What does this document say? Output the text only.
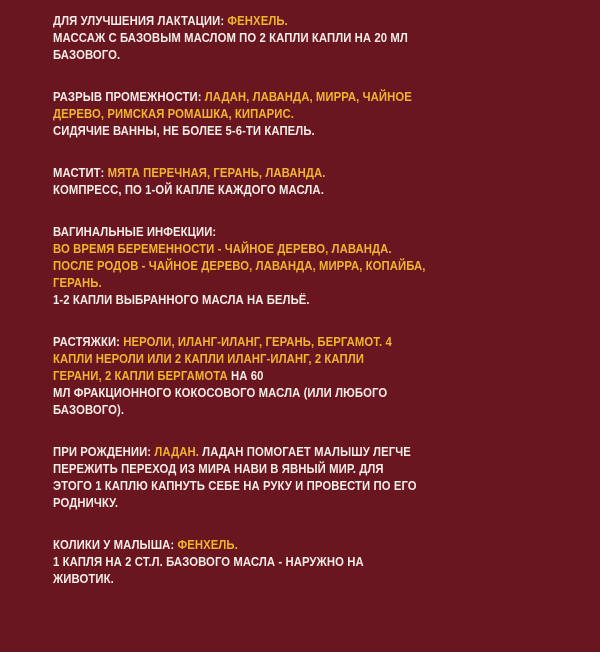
ДЛЯ УЛУЧШЕНИЯ ЛАКТАЦИИ: ФЕНХЕЛЬ.
МАССАЖ С БАЗОВЫМ МАСЛОМ ПО 2 КАПЛИ КАПЛИ НА 20 МЛ
БАЗОВОГО.
РАЗРЫВ ПРОМЕЖНОСТИ: ЛАДАН, ЛАВАНДА, МИРРА, ЧАЙНОЕ
ДЕРЕВО, РИМСКАЯ РОМАШКА, КИПАРИС.
СИДЯЧИЕ ВАННЫ, НЕ БОЛЕЕ 5-6-ТИ КАПЕЛЬ.
МАСТИТ: МЯТА ПЕРЕЧНАЯ, ГЕРАНЬ, ЛАВАНДА.
КОМПРЕСС, ПО 1-ОЙ КАПЛЕ КАЖДОГО МАСЛА.
ВАГИНАЛЬНЫЕ ИНФЕКЦИИ:
ВО ВРЕМЯ БЕРЕМЕННОСТИ - ЧАЙНОЕ ДЕРЕВО, ЛАВАНДА.
ПОСЛЕ РОДОВ - ЧАЙНОЕ ДЕРЕВО, ЛАВАНДА, МИРРА, КОПАЙБА,
ГЕРАНЬ.
1-2 КАПЛИ ВЫБРАННОГО МАСЛА НА БЕЛЬЁ.
РАСТЯЖКИ: НЕРОЛИ, ИЛАНГ-ИЛАНГ, ГЕРАНЬ, БЕРГАМОТ. 4
КАПЛИ НЕРОЛИ ИЛИ 2 КАПЛИ ИЛАНГ-ИЛАНГ, 2 КАПЛИ
ГЕРАНИ, 2 КАПЛИ БЕРГАМОТА НА 60
МЛ ФРАКЦИОННОГО КОКОСОВОГО МАСЛА (ИЛИ ЛЮБОГО
БАЗОВОГО).
ПРИ РОЖДЕНИИ: ЛАДАН. ЛАДАН ПОМОГАЕТ МАЛЫШУ ЛЕГЧЕ
ПЕРЕЖИТЬ ПЕРЕХОД ИЗ МИРА НАВИ В ЯВНЫЙ МИР. ДЛЯ
ЭТОГО 1 КАПЛЮ КАПНУТЬ СЕБЕ НА РУКУ И ПРОВЕСТИ ПО ЕГО
РОДНИЧКУ.
КОЛИКИ У МАЛЫША: ФЕНХЕЛЬ.
1 КАПЛЯ НА 2 СТ.Л. БАЗОВОГО МАСЛА - НАРУЖНО НА
ЖИВОТИК.
